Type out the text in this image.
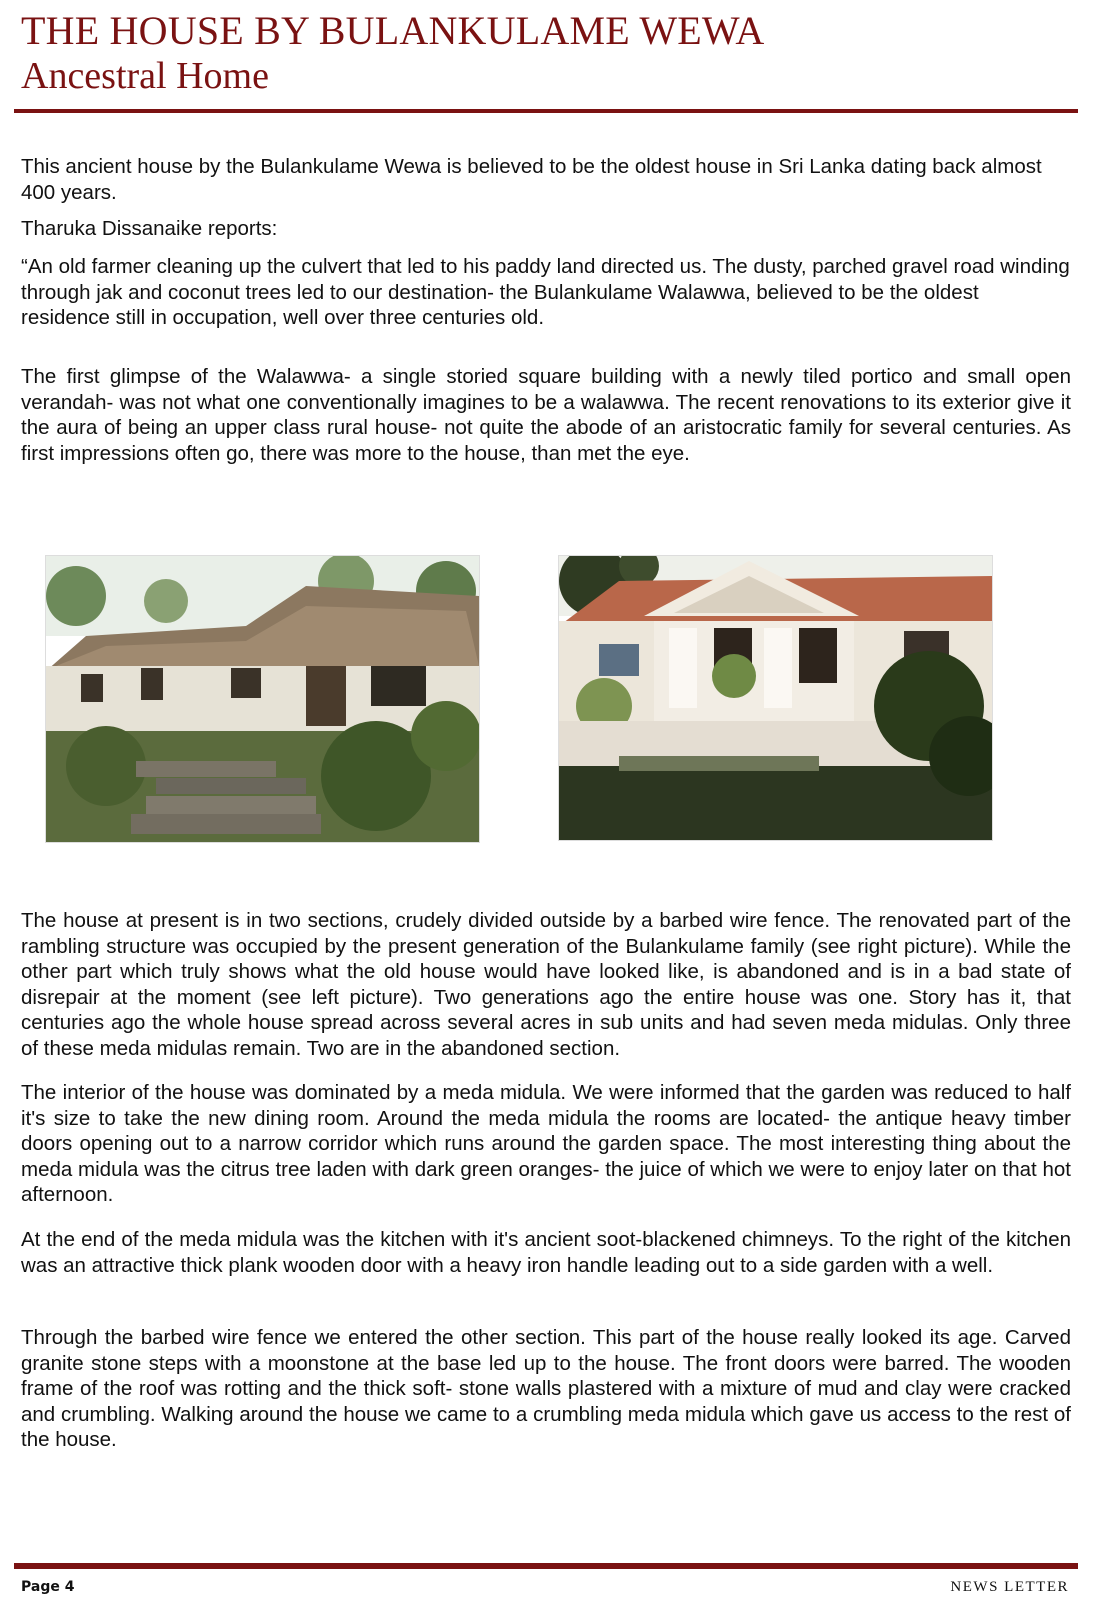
THE HOUSE BY BULANKULAME WEWA
Ancestral Home

This ancient house by the Bulankulame Wewa is believed to be the oldest house in Sri Lanka dating back almost 400 years.

Tharuka Dissanaike reports:

“An old farmer cleaning up the culvert that led to his paddy land directed us. The dusty, parched gravel road winding through jak and coconut trees led to our destination- the Bulankulame Walawwa, believed to be the oldest residence still in occupation, well over three centuries old.

The first glimpse of the Walawwa- a single storied square building with a newly tiled portico and small open verandah- was not what one conventionally imagines to be a walawwa. The recent renovations to its exterior give it the aura of being an upper class rural house- not quite the abode of an aristocratic family for several centuries. As first impressions often go, there was more to the house, than met the eye.

The house at present is in two sections, crudely divided outside by a barbed wire fence. The renovated part of the rambling structure was occupied by the present generation of the Bulankulame family (see right picture). While the other part which truly shows what the old house would have looked like, is abandoned and is in a bad state of disrepair at the moment (see left picture). Two generations ago the entire house was one. Story has it, that centuries ago the whole house spread across several acres in sub units and had seven meda midulas. Only three of these meda midulas remain. Two are in the abandoned section.

The interior of the house was dominated by a meda midula. We were informed that the garden was reduced to half it's size to take the new dining room. Around the meda midula the rooms are located- the antique heavy timber doors opening out to a narrow corridor which runs around the garden space. The most interesting thing about the meda midula was the citrus tree laden with dark green oranges- the juice of which we were to enjoy later on that hot afternoon.

At the end of the meda midula was the kitchen with it's ancient soot-blackened chimneys. To the right of the kitchen was an attractive thick plank wooden door with a heavy iron handle leading out to a side garden with a well.

Through the barbed wire fence we entered the other section. This part of the house really looked its age. Carved granite stone steps with a moonstone at the base led up to the house. The front doors were barred. The wooden frame of the roof was rotting and the thick soft- stone walls plastered with a mixture of mud and clay were cracked and crumbling. Walking around the house we came to a crumbling meda midula which gave us access to the rest of the house.

Page 4	NEWS LETTER
